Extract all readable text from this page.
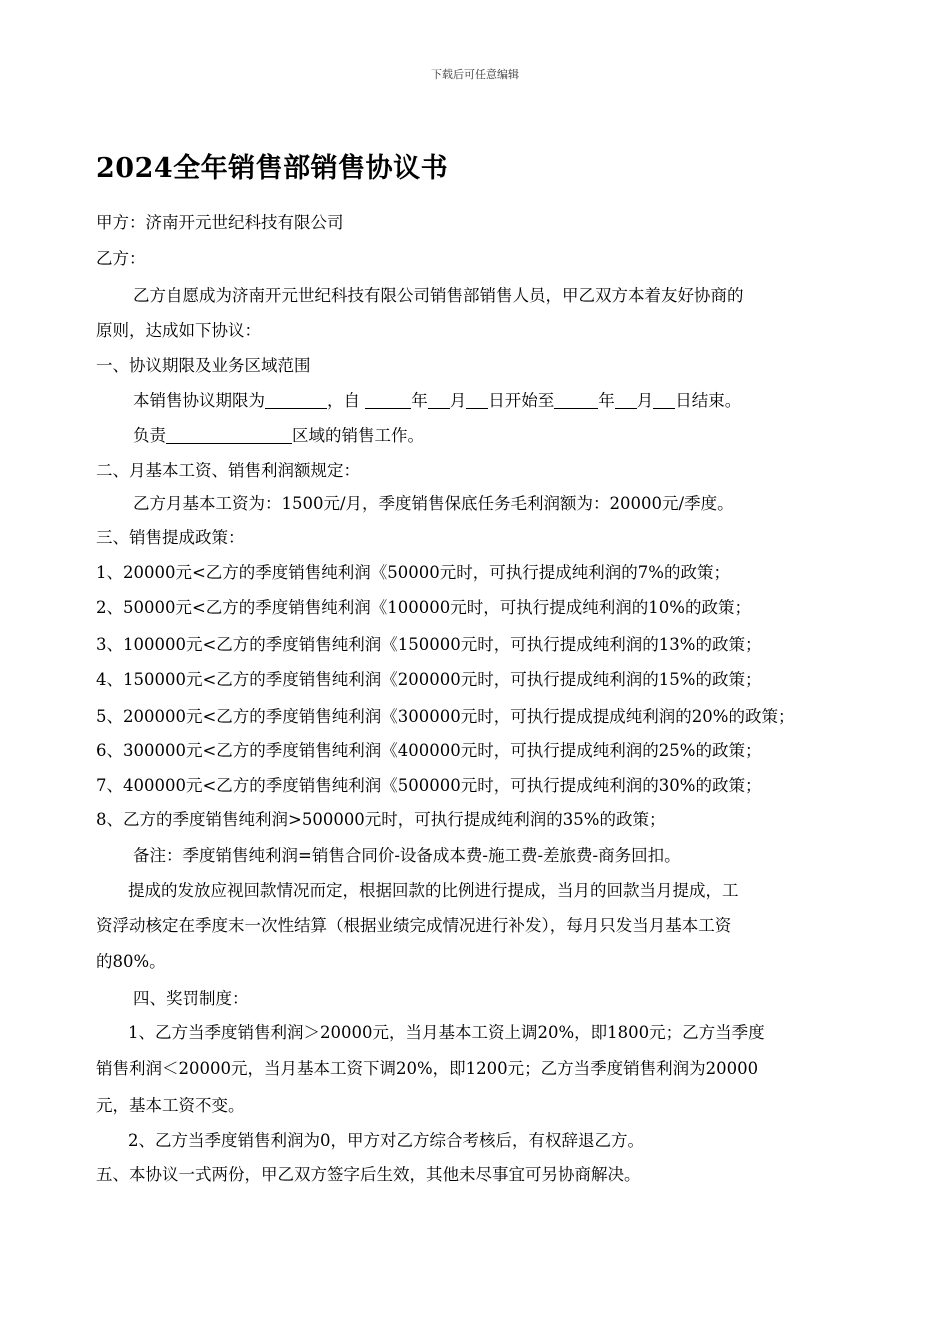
下载后可任意编辑
2024全年销售部销售协议书
甲方：济南开元世纪科技有限公司
乙方：
乙方自愿成为济南开元世纪科技有限公司销售部销售人员，甲乙双方本着友好协商的
原则，达成如下协议：
一、协议期限及业务区域范围
本销售协议期限为	，自	年 月 日开始至	年 月 日结束。
负责	区域的销售工作。
二、月基本工资、销售利润额规定：
乙方月基本工资为：1500元/月，季度销售保底任务毛利润额为：20000元/季度。
三、销售提成政策：
1、20000元<乙方的季度销售纯利润《50000元时，可执行提成纯利润的7%的政策；
2、50000元<乙方的季度销售纯利润《100000元时，可执行提成纯利润的10%的政策；
3、100000元<乙方的季度销售纯利润《150000元时，可执行提成纯利润的13%的政策；
4、150000元<乙方的季度销售纯利润《200000元时，可执行提成纯利润的15%的政策；
5、200000元<乙方的季度销售纯利润《300000元时，可执行提成提成纯利润的20%的政策；
6、300000元<乙方的季度销售纯利润《400000元时，可执行提成纯利润的25%的政策；
7、400000元<乙方的季度销售纯利润《500000元时，可执行提成纯利润的30%的政策；
8、乙方的季度销售纯利润>500000元时，可执行提成纯利润的35%的政策；
备注：季度销售纯利润=销售合同价-设备成本费-施工费-差旅费-商务回扣。
提成的发放应视回款情况而定，根据回款的比例进行提成，当月的回款当月提成，工
资浮动核定在季度末一次性结算（根据业绩完成情况进行补发），每月只发当月基本工资
的80%。
四、奖罚制度：
1、乙方当季度销售利润＞20000元，当月基本工资上调20%，即1800元；乙方当季度
销售利润＜20000元，当月基本工资下调20%，即1200元；乙方当季度销售利润为20000
元，基本工资不变。
2、乙方当季度销售利润为0，甲方对乙方综合考核后，有权辞退乙方。
五、本协议一式两份，甲乙双方签字后生效，其他未尽事宜可另协商解决。
